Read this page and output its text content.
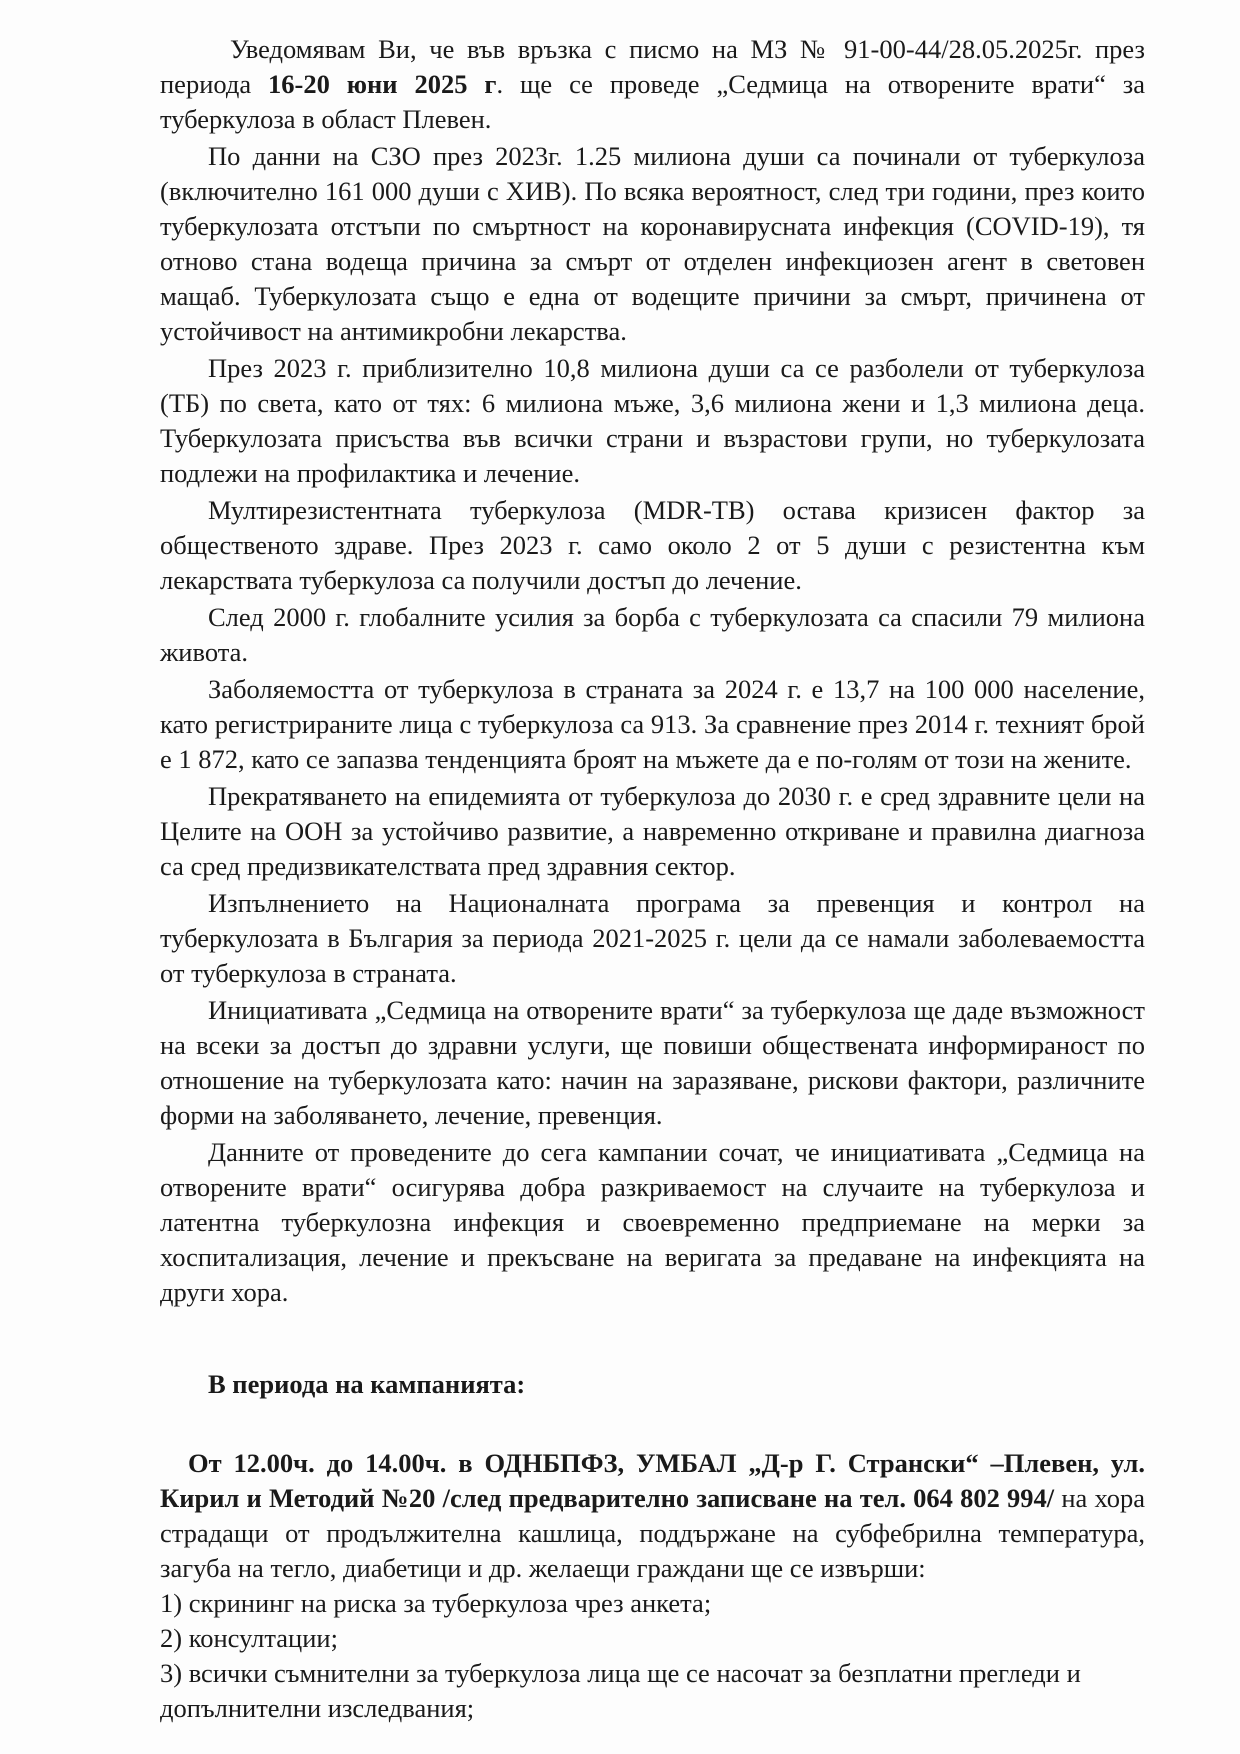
Уведомявам Ви, че във връзка с писмо на МЗ № 91-00-44/28.05.2025г. през периода 16-20 юни 2025 г. ще се проведе „Седмица на отворените врати“ за туберкулоза в област Плевен.

По данни на СЗО през 2023г. 1.25 милиона души са починали от туберкулоза (включително 161 000 души с ХИВ). По всяка вероятност, след три години, през които туберкулозата отстъпи по смъртност на коронавирусната инфекция (COVID-19), тя отново стана водеща причина за смърт от отделен инфекциозен агент в световен мащаб. Туберкулозата също е една от водещите причини за смърт, причинена от устойчивост на антимикробни лекарства.

През 2023 г. приблизително 10,8 милиона души са се разболели от туберкулоза (ТБ) по света, като от тях: 6 милиона мъже, 3,6 милиона жени и 1,3 милиона деца. Туберкулозата присъства във всички страни и възрастови групи, но туберкулозата подлежи на профилактика и лечение.

Мултирезистентната туберкулоза (MDR-TB) остава кризисен фактор за общественото здраве. През 2023 г. само около 2 от 5 души с резистентна към лекарствата туберкулоза са получили достъп до лечение.

След 2000 г. глобалните усилия за борба с туберкулозата са спасили 79 милиона живота.

Заболяемостта от туберкулоза в страната за 2024 г. е 13,7 на 100 000 население, като регистрираните лица с туберкулоза са 913. За сравнение през 2014 г. техният брой е 1 872, като се запазва тенденцията броят на мъжете да е по-голям от този на жените.

Прекратяването на епидемията от туберкулоза до 2030 г. е сред здравните цели на Целите на ООН за устойчиво развитие, а навременно откриване и правилна диагноза са сред предизвикателствата пред здравния сектор.

Изпълнението на Националната програма за превенция и контрол на туберкулозата в България за периода 2021-2025 г. цели да се намали заболеваемостта от туберкулоза в страната.

Инициативата „Седмица на отворените врати“ за туберкулоза ще даде възможност на всеки за достъп до здравни услуги, ще повиши обществената информираност по отношение на туберкулозата като: начин на заразяване, рискови фактори, различните форми на заболяването, лечение, превенция.

Данните от проведените до сега кампании сочат, че инициативата „Седмица на отворените врати“ осигурява добра разкриваемост на случаите на туберкулоза и латентна туберкулозна инфекция и своевременно предприемане на мерки за хоспитализация, лечение и прекъсване на веригата за предаване на инфекцията на други хора.

В периода на кампанията:

От 12.00ч. до 14.00ч. в ОДНБПФЗ, УМБАЛ „Д-р Г. Странски“ –Плевен, ул. Кирил и Методий №20 /след предварително записване на тел. 064 802 994/ на хора страдащи от продължителна кашлица, поддържане на субфебрилна температура, загуба на тегло, диабетици и др. желаещи граждани ще се извърши:

1) скрининг на риска за туберкулоза чрез анкета;
2) консултации;
3) всички съмнителни за туберкулоза лица ще се насочат за безплатни прегледи и допълнителни изследвания;
